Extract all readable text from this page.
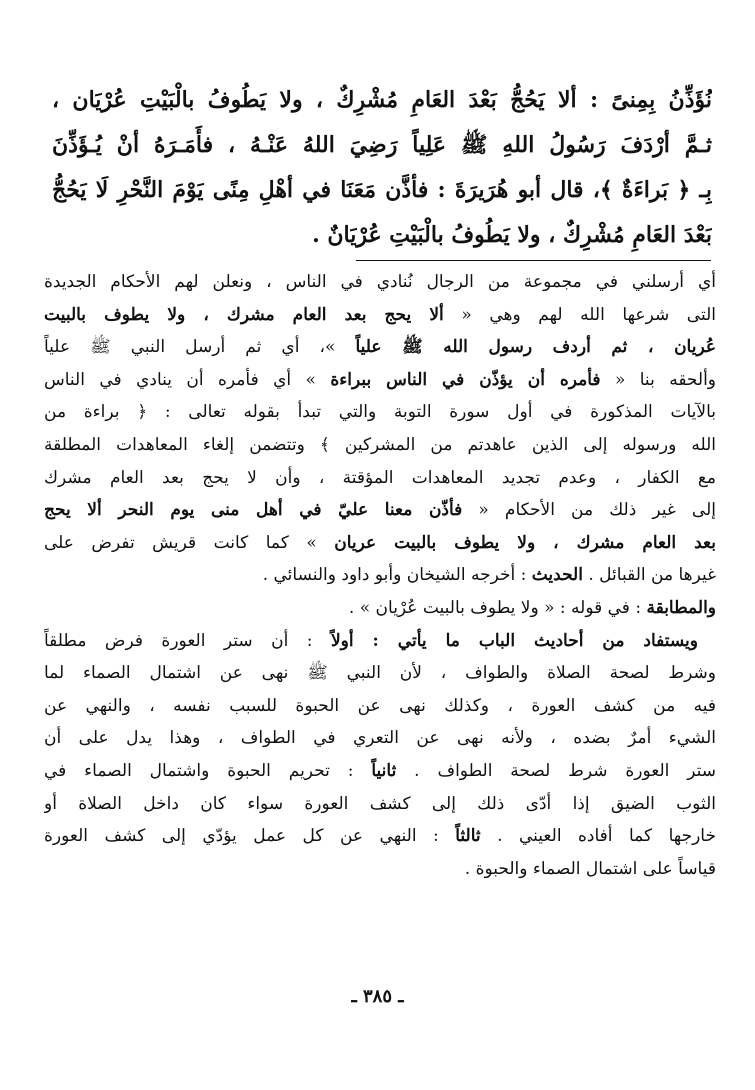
نُؤَذِّنُ بِمِنىً : ألا يَحُجُّ بَعْدَ العَامِ مُشْرِكٌ ، ولا يَطُوفُ بالْبَيْتِ عُرْيَان ،
ثـمَّ أرْدَفَ رَسُولُ اللهِ ﷺ عَلِياً رَضِيَ اللهُ عَنْـهُ ، فأَمَـرَهُ أنْ يُـؤَذِّنَ
بِـ ﴿ بَراءَةٌ ﴾، قال أبو هُرَيرَةَ : فأذَّن مَعَنَا في أهْلِ مِنًى يَوْمَ النَّحْرِ لَا يَحُجُّ
بَعْدَ العَامِ مُشْرِكٌ ، ولا يَطُوفُ بالْبَيْتِ عُرْيَانٌ .
أي أرسلني في مجموعة من الرجال نُنادي في الناس ، ونعلن لهم الأحكام الجديدة
التى شرعها الله لهم وهي « ألا يحج بعد العام مشرك ، ولا يطوف بالبيت
عُريان ، ثم أردف رسول الله ﷺ علياً »، أي ثم أرسل النبي ﷺ علياً
وألحقه بنا « فأمره أن يؤذّن في الناس ببراءة » أي فأمره أن ينادي في الناس
بالآيات المذكورة في أول سورة التوبة والتي تبدأ بقوله تعالى : ﴿ براءة من
الله ورسوله إلى الذين عاهدتم من المشركين ﴾ وتتضمن إلغاء المعاهدات المطلقة
مع الكفار ، وعدم تجديد المعاهدات المؤقتة ، وأن لا يحج بعد العام مشرك
إلى غير ذلك من الأحكام « فأذّن معنا عليّ في أهل منى يوم النحر ألا يحج
بعد العام مشرك ، ولا يطوف بالبيت عريان » كما كانت قريش تفرض على
غيرها من القبائل . الحديث : أخرجه الشيخان وأبو داود والنسائي .
والمطابقة : في قوله : « ولا يطوف بالبيت عُرْيان » .
ويستفاد من أحاديث الباب ما يأتي : أولاً : أن ستر العورة فرض مطلقاً
وشرط لصحة الصلاة والطواف ، لأن النبي ﷺ نهى عن اشتمال الصماء لما
فيه من كشف العورة ، وكذلك نهى عن الحبوة للسبب نفسه ، والنهي عن
الشيء أمرٌ بضده ، ولأنه نهى عن التعري في الطواف ، وهذا يدل على أن
ستر العورة شرط لصحة الطواف . ثانياً : تحريم الحبوة واشتمال الصماء في
الثوب الضيق إذا أدّى ذلك إلى كشف العورة سواء كان داخل الصلاة أو
خارجها كما أفاده العيني . ثالثاً : النهي عن كل عمل يؤدّي إلى كشف العورة
قياساً على اشتمال الصماء والحبوة .
ـ ٣٨٥ ـ
